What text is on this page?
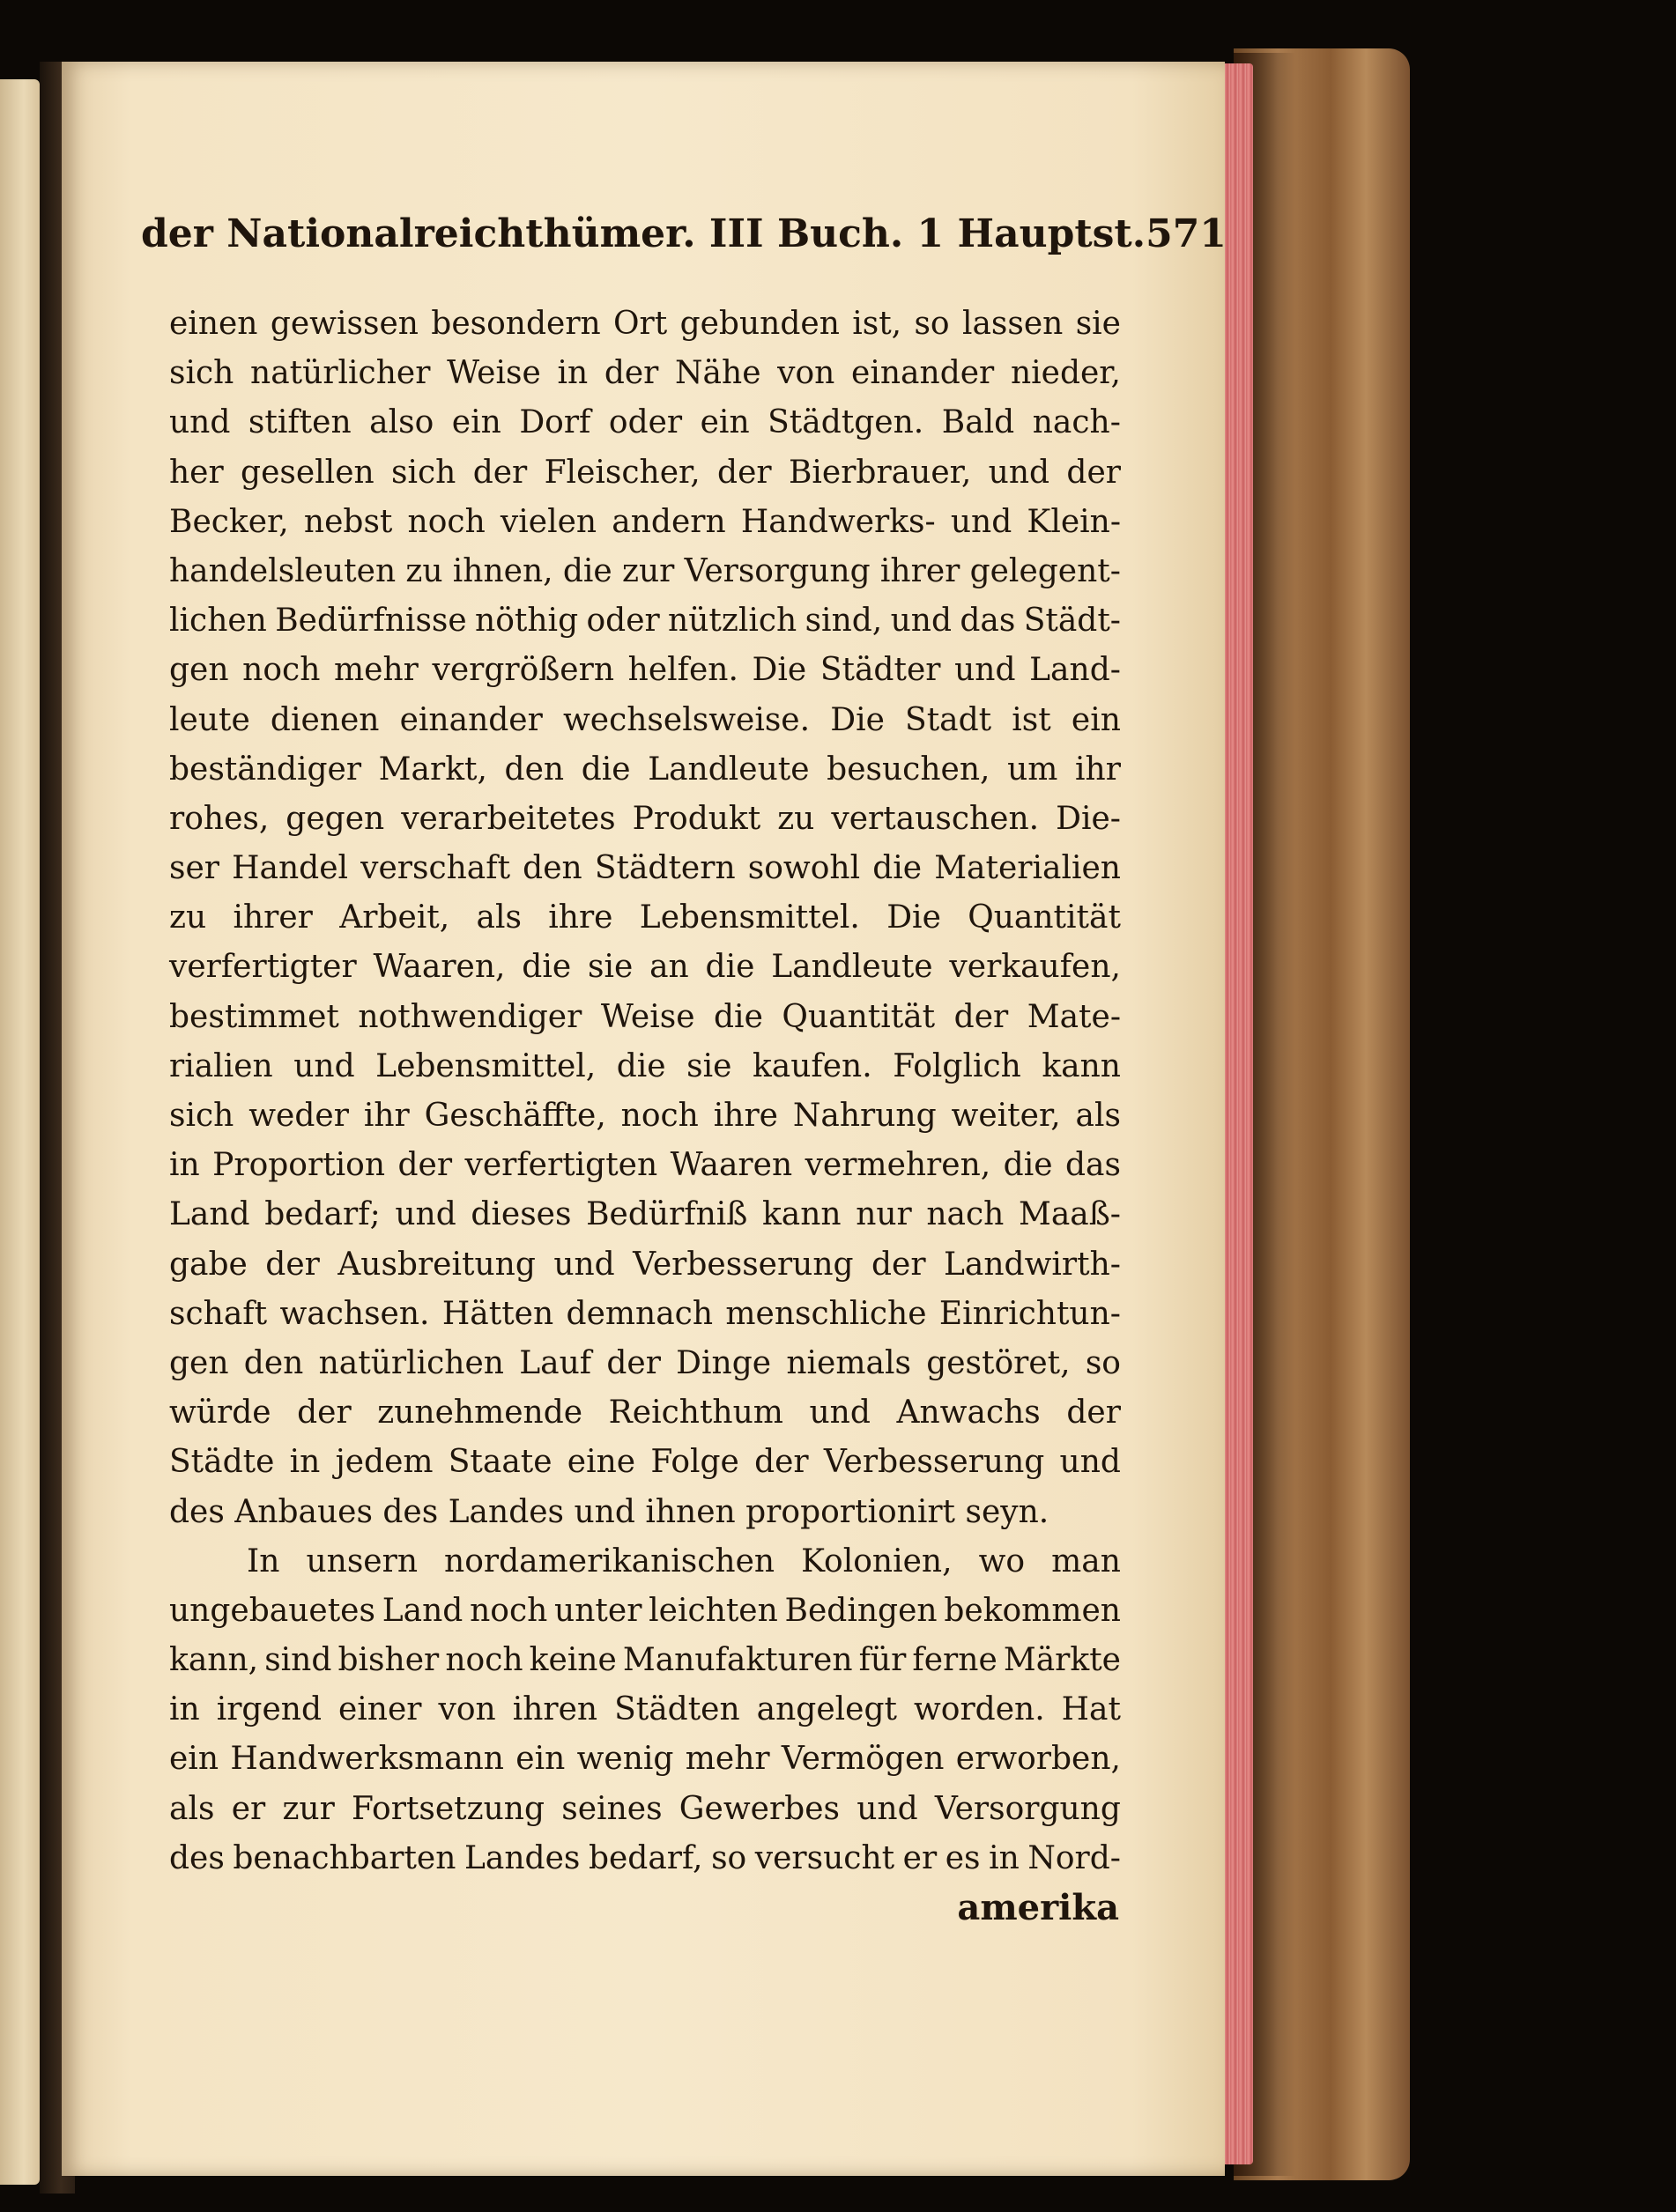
der Nationalreichthümer. III Buch. 1 Hauptst. 571
einen gewissen besondern Ort gebunden ist, so lassen sie
sich natürlicher Weise in der Nähe von einander nieder,
und stiften also ein Dorf oder ein Städtgen. Bald nach-
her gesellen sich der Fleischer, der Bierbrauer, und der
Becker, nebst noch vielen andern Handwerks- und Klein-
handelsleuten zu ihnen, die zur Versorgung ihrer gelegent-
lichen Bedürfnisse nöthig oder nützlich sind, und das Städt-
gen noch mehr vergrößern helfen. Die Städter und Land-
leute dienen einander wechselsweise. Die Stadt ist ein
beständiger Markt, den die Landleute besuchen, um ihr
rohes, gegen verarbeitetes Produkt zu vertauschen. Die-
ser Handel verschaft den Städtern sowohl die Materialien
zu ihrer Arbeit, als ihre Lebensmittel. Die Quantität
verfertigter Waaren, die sie an die Landleute verkaufen,
bestimmet nothwendiger Weise die Quantität der Mate-
rialien und Lebensmittel, die sie kaufen. Folglich kann
sich weder ihr Geschäffte, noch ihre Nahrung weiter, als
in Proportion der verfertigten Waaren vermehren, die das
Land bedarf; und dieses Bedürfniß kann nur nach Maaß-
gabe der Ausbreitung und Verbesserung der Landwirth-
schaft wachsen. Hätten demnach menschliche Einrichtun-
gen den natürlichen Lauf der Dinge niemals gestöret, so
würde der zunehmende Reichthum und Anwachs der
Städte in jedem Staate eine Folge der Verbesserung und
des Anbaues des Landes und ihnen proportionirt seyn.
In unsern nordamerikanischen Kolonien, wo man
ungebauetes Land noch unter leichten Bedingen bekommen
kann, sind bisher noch keine Manufakturen für ferne Märkte
in irgend einer von ihren Städten angelegt worden. Hat
ein Handwerksmann ein wenig mehr Vermögen erworben,
als er zur Fortsetzung seines Gewerbes und Versorgung
des benachbarten Landes bedarf, so versucht er es in Nord-
amerika
